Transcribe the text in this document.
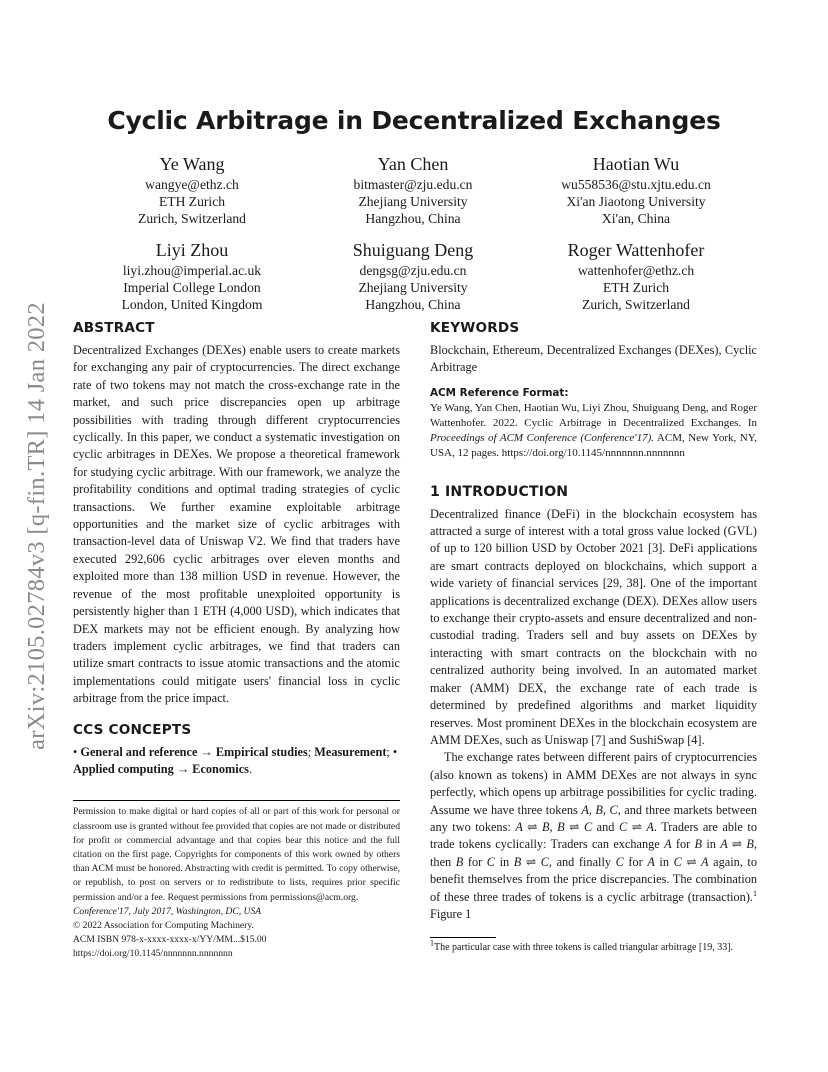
arXiv:2105.02784v3 [q-fin.TR] 14 Jan 2022
Cyclic Arbitrage in Decentralized Exchanges
Ye Wang
wangye@ethz.ch
ETH Zurich
Zurich, Switzerland
Yan Chen
bitmaster@zju.edu.cn
Zhejiang University
Hangzhou, China
Haotian Wu
wu558536@stu.xjtu.edu.cn
Xi'an Jiaotong University
Xi'an, China
Liyi Zhou
liyi.zhou@imperial.ac.uk
Imperial College London
London, United Kingdom
Shuiguang Deng
dengsg@zju.edu.cn
Zhejiang University
Hangzhou, China
Roger Wattenhofer
wattenhofer@ethz.ch
ETH Zurich
Zurich, Switzerland
ABSTRACT

Decentralized Exchanges (DEXes) enable users to create markets for exchanging any pair of cryptocurrencies. The direct exchange rate of two tokens may not match the cross-exchange rate in the market, and such price discrepancies open up arbitrage possibilities with trading through different cryptocurrencies cyclically. In this paper, we conduct a systematic investigation on cyclic arbitrages in DEXes. We propose a theoretical framework for studying cyclic arbitrage. With our framework, we analyze the profitability conditions and optimal trading strategies of cyclic transactions. We further examine exploitable arbitrage opportunities and the market size of cyclic arbitrages with transaction-level data of Uniswap V2. We find that traders have executed 292,606 cyclic arbitrages over eleven months and exploited more than 138 million USD in revenue. However, the revenue of the most profitable unexploited opportunity is persistently higher than 1 ETH (4,000 USD), which indicates that DEX markets may not be efficient enough. By analyzing how traders implement cyclic arbitrages, we find that traders can utilize smart contracts to issue atomic transactions and the atomic implementations could mitigate users' financial loss in cyclic arbitrage from the price impact.

CCS CONCEPTS

• General and reference → Empirical studies; Measurement; • Applied computing → Economics.

Permission to make digital or hard copies of all or part of this work for personal or classroom use is granted without fee provided that copies are not made or distributed for profit or commercial advantage and that copies bear this notice and the full citation on the first page. Copyrights for components of this work owned by others than ACM must be honored. Abstracting with credit is permitted. To copy otherwise, or republish, to post on servers or to redistribute to lists, requires prior specific permission and/or a fee. Request permissions from permissions@acm.org.

Conference'17, July 2017, Washington, DC, USA

© 2022 Association for Computing Machinery.

ACM ISBN 978-x-xxxx-xxxx-x/YY/MM...$15.00

https://doi.org/10.1145/nnnnnnn.nnnnnnn

KEYWORDS

Blockchain, Ethereum, Decentralized Exchanges (DEXes), Cyclic Arbitrage

ACM Reference Format:

Ye Wang, Yan Chen, Haotian Wu, Liyi Zhou, Shuiguang Deng, and Roger Wattenhofer. 2022. Cyclic Arbitrage in Decentralized Exchanges. In Proceedings of ACM Conference (Conference'17). ACM, New York, NY, USA, 12 pages. https://doi.org/10.1145/nnnnnnn.nnnnnnn

1 INTRODUCTION

Decentralized finance (DeFi) in the blockchain ecosystem has attracted a surge of interest with a total gross value locked (GVL) of up to 120 billion USD by October 2021 [3]. DeFi applications are smart contracts deployed on blockchains, which support a wide variety of financial services [29, 38]. One of the important applications is decentralized exchange (DEX). DEXes allow users to exchange their crypto-assets and ensure decentralized and non-custodial trading. Traders sell and buy assets on DEXes by interacting with smart contracts on the blockchain with no centralized authority being involved. In an automated market maker (AMM) DEX, the exchange rate of each trade is determined by predefined algorithms and market liquidity reserves. Most prominent DEXes in the blockchain ecosystem are AMM DEXes, such as Uniswap [7] and SushiSwap [4].

The exchange rates between different pairs of cryptocurrencies (also known as tokens) in AMM DEXes are not always in sync perfectly, which opens up arbitrage possibilities for cyclic trading. Assume we have three tokens A, B, C, and three markets between any two tokens: A ⇌ B, B ⇌ C and C ⇌ A. Traders are able to trade tokens cyclically: Traders can exchange A for B in A ⇌ B, then B for C in B ⇌ C, and finally C for A in C ⇌ A again, to benefit themselves from the price discrepancies. The combination of these three trades of tokens is a cyclic arbitrage (transaction).$^1$ Figure 1

$^1$The particular case with three tokens is called triangular arbitrage [19, 33].
